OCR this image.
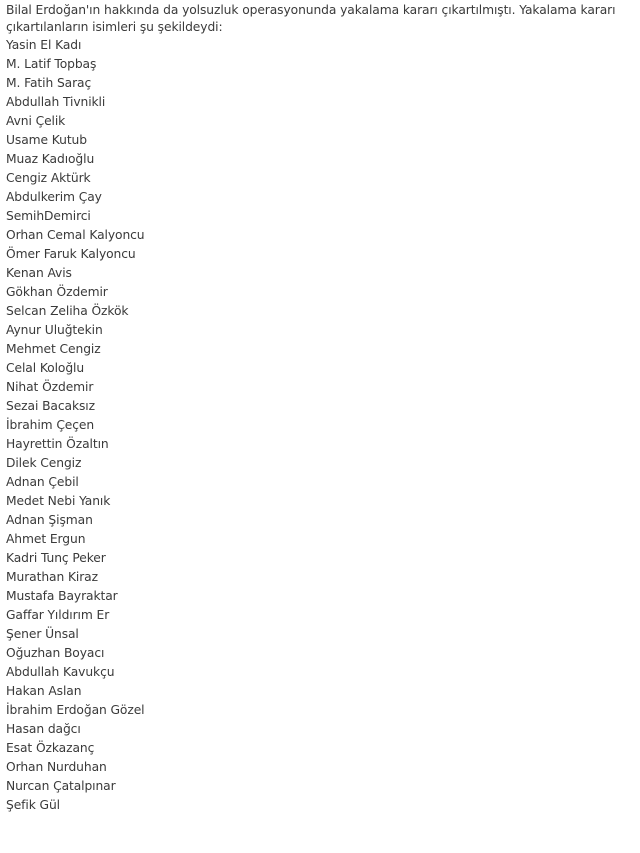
Bilal Erdoğan'ın hakkında da yolsuzluk operasyonunda yakalama kararı çıkartılmıştı. Yakalama kararı çıkartılanların isimleri şu şekildeydi:

Yasin El Kadı
M. Latif Topbaş
M. Fatih Saraç
Abdullah Tivnikli
Avni Çelik
Usame Kutub
Muaz Kadıoğlu
Cengiz Aktürk
Abdulkerim Çay
SemihDemirci
Orhan Cemal Kalyoncu
Ömer Faruk Kalyoncu
Kenan Avis
Gökhan Özdemir
Selcan Zeliha Özkök
Aynur Uluğtekin
Mehmet Cengiz
Celal Koloğlu
Nihat Özdemir
Sezai Bacaksız
İbrahim Çeçen
Hayrettin Özaltın
Dilek Cengiz
Adnan Çebil
Medet Nebi Yanık
Adnan Şişman
Ahmet Ergun
Kadri Tunç Peker
Murathan Kiraz
Mustafa Bayraktar
Gaffar Yıldırım Er
Şener Ünsal
Oğuzhan Boyacı
Abdullah Kavukçu
Hakan Aslan
İbrahim Erdoğan Gözel
Hasan dağcı
Esat Özkazanç
Orhan Nurduhan
Nurcan Çatalpınar
Şefik Gül
